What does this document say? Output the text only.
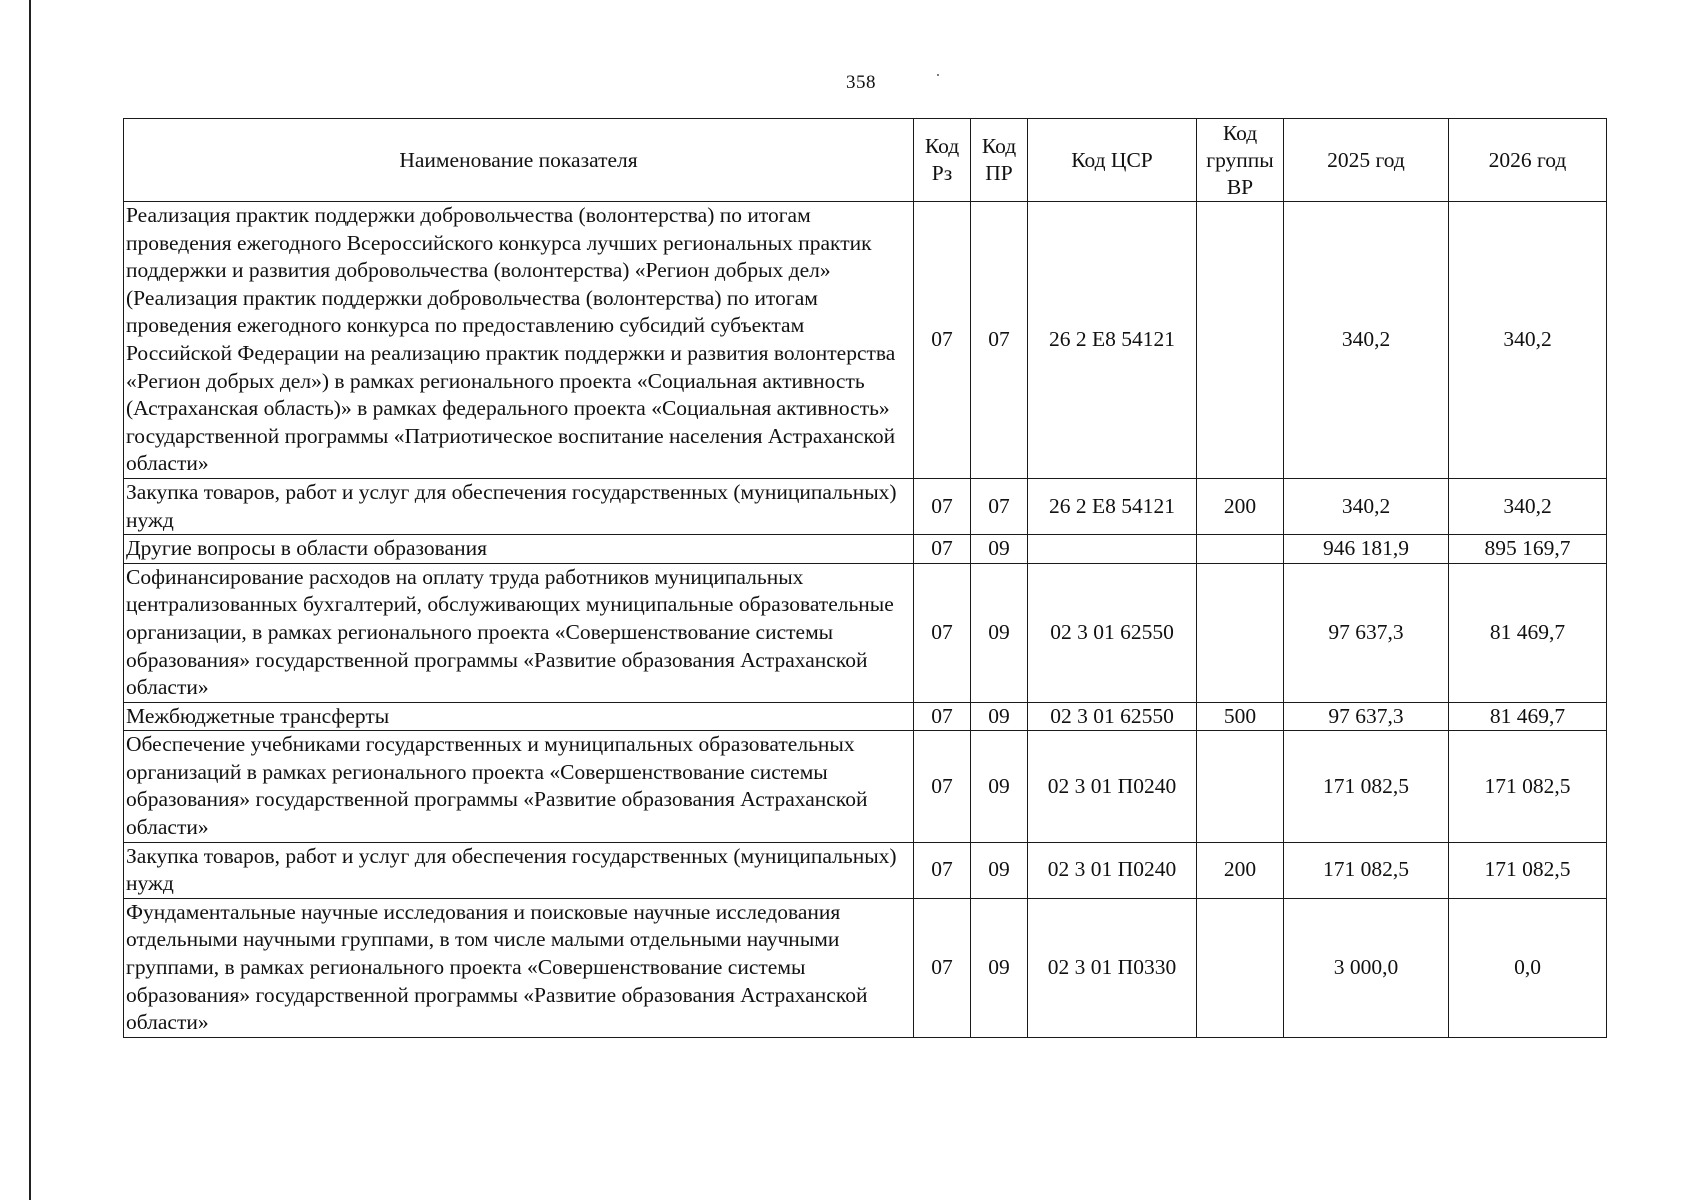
358
Наименование показателя	Код Рз	Код ПР	Код ЦСР	Код группы ВР	2025 год	2026 год
Реализация практик поддержки добровольчества (волонтерства) по итогам проведения ежегодного Всероссийского конкурса лучших региональных практик поддержки и развития добровольчества (волонтерства) «Регион добрых дел» (Реализация практик поддержки добровольчества (волонтерства) по итогам проведения ежегодного конкурса по предоставлению субсидий субъектам Российской Федерации на реализацию практик поддержки и развития волонтерства «Регион добрых дел») в рамках регионального проекта «Социальная активность (Астраханская область)» в рамках федерального проекта «Социальная активность» государственной программы «Патриотическое воспитание населения Астраханской области»	07	07	26 2 Е8 54121		340,2	340,2
Закупка товаров, работ и услуг для обеспечения государственных (муниципальных) нужд	07	07	26 2 Е8 54121	200	340,2	340,2
Другие вопросы в области образования	07	09			946 181,9	895 169,7
Софинансирование расходов на оплату труда работников муниципальных централизованных бухгалтерий, обслуживающих муниципальные образовательные организации, в рамках регионального проекта «Совершенствование системы образования» государственной программы «Развитие образования Астраханской области»	07	09	02 3 01 62550		97 637,3	81 469,7
Межбюджетные трансферты	07	09	02 3 01 62550	500	97 637,3	81 469,7
Обеспечение учебниками государственных и муниципальных образовательных организаций в рамках регионального проекта «Совершенствование системы образования» государственной программы «Развитие образования Астраханской области»	07	09	02 3 01 П0240		171 082,5	171 082,5
Закупка товаров, работ и услуг для обеспечения государственных (муниципальных) нужд	07	09	02 3 01 П0240	200	171 082,5	171 082,5
Фундаментальные научные исследования и поисковые научные исследования отдельными научными группами, в том числе малыми отдельными научными группами, в рамках регионального проекта «Совершенствование системы образования» государственной программы «Развитие образования Астраханской области»	07	09	02 3 01 П0330		3 000,0	0,0
